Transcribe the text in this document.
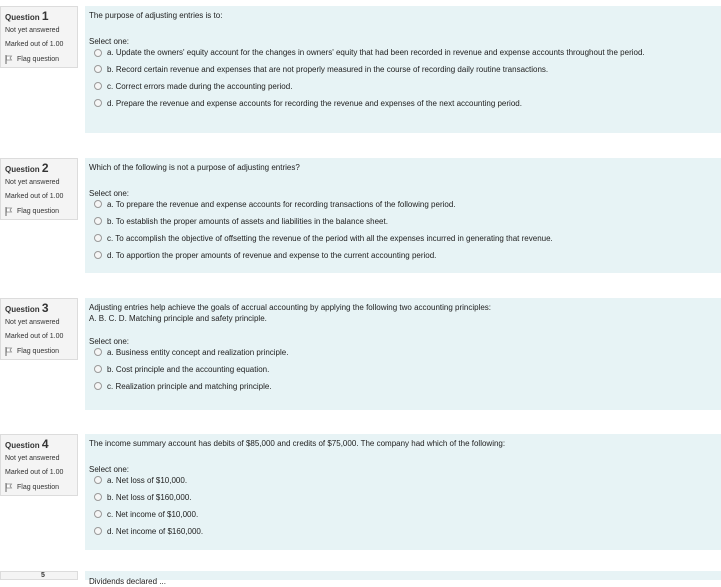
Question 1
Not yet answered
Marked out of 1.00
Flag question
The purpose of adjusting entries is to:
Select one:
a. Update the owners' equity account for the changes in owners' equity that had been recorded in revenue and expense accounts throughout the period.
b. Record certain revenue and expenses that are not properly measured in the course of recording daily routine transactions.
c. Correct errors made during the accounting period.
d. Prepare the revenue and expense accounts for recording the revenue and expenses of the next accounting period.
Question 2
Not yet answered
Marked out of 1.00
Flag question
Which of the following is not a purpose of adjusting entries?
Select one:
a. To prepare the revenue and expense accounts for recording transactions of the following period.
b. To establish the proper amounts of assets and liabilities in the balance sheet.
c. To accomplish the objective of offsetting the revenue of the period with all the expenses incurred in generating that revenue.
d. To apportion the proper amounts of revenue and expense to the current accounting period.
Question 3
Not yet answered
Marked out of 1.00
Flag question
Adjusting entries help achieve the goals of accrual accounting by applying the following two accounting principles:
A. B. C. D. Matching principle and safety principle.
Select one:
a. Business entity concept and realization principle.
b. Cost principle and the accounting equation.
c. Realization principle and matching principle.
Question 4
Not yet answered
Marked out of 1.00
Flag question
The income summary account has debits of $85,000 and credits of $75,000. The company had which of the following:
Select one:
a. Net loss of $10,000.
b. Net loss of $160,000.
c. Net income of $10,000.
d. Net income of $160,000.
5
Dividends declared ...
